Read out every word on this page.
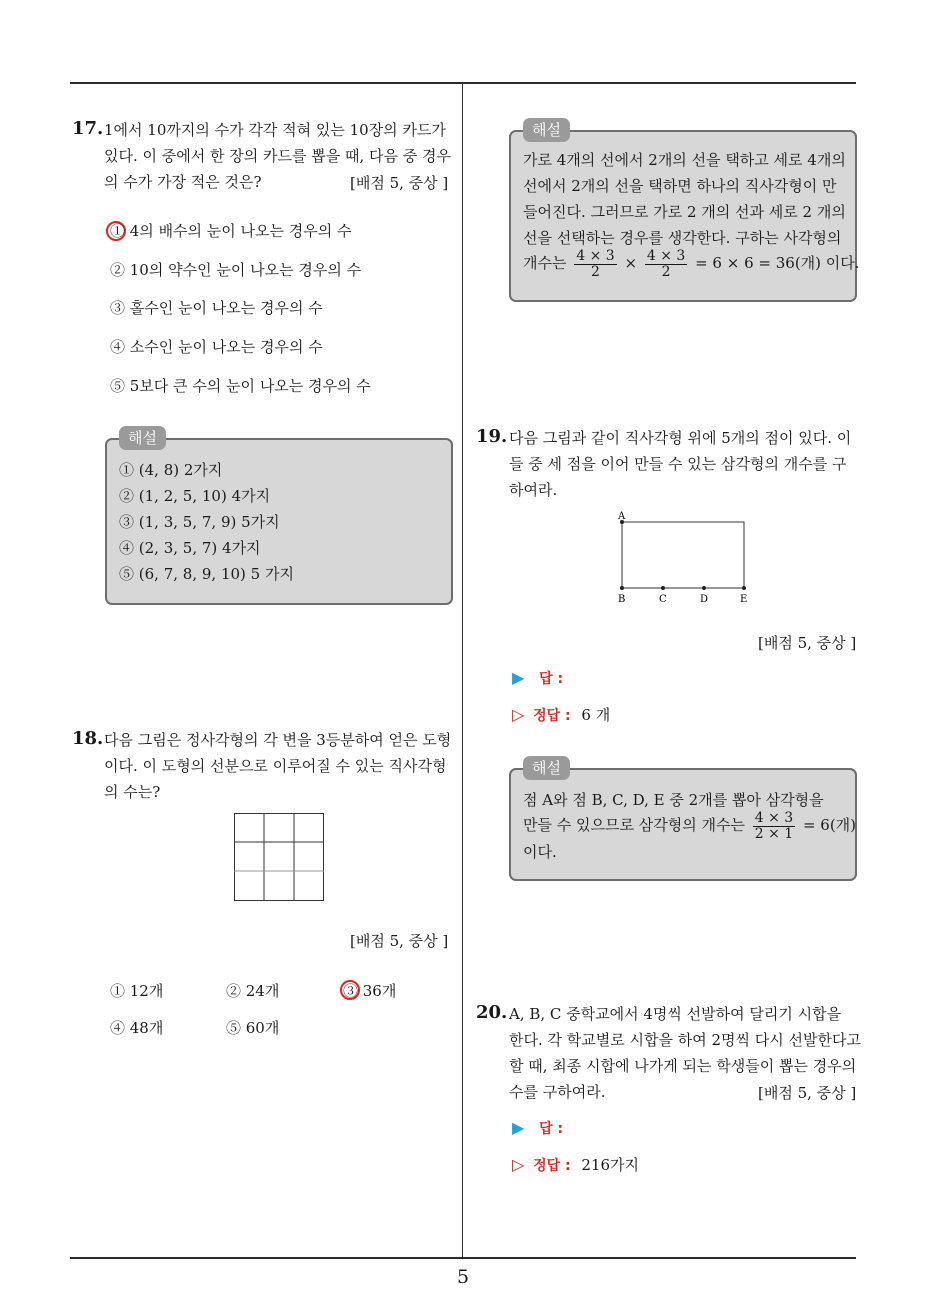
17. 1에서 10까지의 수가 각각 적혀 있는 10장의 카드가
있다. 이 중에서 한 장의 카드를 뽑을 때, 다음 중 경우
의 수가 가장 적은 것은?	[배점 5, 중상 ]
① 4의 배수의 눈이 나오는 경우의 수
② 10의 약수인 눈이 나오는 경우의 수
③ 홀수인 눈이 나오는 경우의 수
④ 소수인 눈이 나오는 경우의 수
⑤ 5보다 큰 수의 눈이 나오는 경우의 수
해설
① (4, 8) 2가지
② (1, 2, 5, 10) 4가지
③ (1, 3, 5, 7, 9) 5가지
④ (2, 3, 5, 7) 4가지
⑤ (6, 7, 8, 9, 10) 5 가지
18. 다음 그림은 정사각형의 각 변을 3등분하여 얻은 도형
이다. 이 도형의 선분으로 이루어질 수 있는 직사각형
의 수는?
[배점 5, 중상 ]
① 12개	② 24개	③ 36개
④ 48개	⑤ 60개
해설
가로 4개의 선에서 2개의 선을 택하고 세로 4개의
선에서 2개의 선을 택하면 하나의 직사각형이 만
들어진다. 그러므로 가로 2 개의 선과 세로 2 개의
선을 선택하는 경우를 생각한다. 구하는 사각형의
개수는 $\frac{4 \times 3}{2} \times \frac{4 \times 3}{2} = 6 \times 6 = 36$(개) 이다.
19. 다음 그림과 같이 직사각형 위에 5개의 점이 있다. 이
들 중 세 점을 이어 만들 수 있는 삼각형의 개수를 구
하여라.
A
B	C	D	E
[배점 5, 중상 ]
▶ 답 :
▷ 정답 : 6 개
해설
점 A와 점 B, C, D, E 중 2개를 뽑아 삼각형을
만들 수 있으므로 삼각형의 개수는 $\frac{4 \times 3}{2 \times 1} = 6$(개)
이다.
20. A, B, C 중학교에서 4명씩 선발하여 달리기 시합을
한다. 각 학교별로 시합을 하여 2명씩 다시 선발한다고
할 때, 최종 시합에 나가게 되는 학생들이 뽑는 경우의
수를 구하여라.	[배점 5, 중상 ]
▶ 답 :
▷ 정답 : 216가지
5
